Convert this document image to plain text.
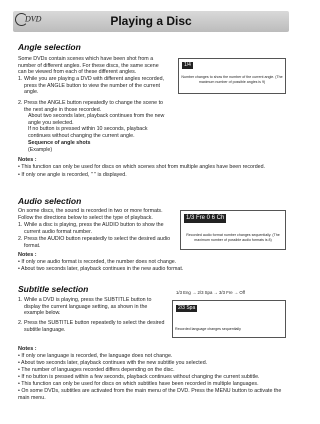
DVD	Playing a Disc
Angle selection
Some DVDs contain scenes which have been shot from a number of different angles. For these discs, the same scene can be viewed from each of these different angles.
1. While you are playing a DVD with different angles recorded, press the ANGLE button to view the number of the current angle.
2. Press the ANGLE button repeatedly to change the scene to the next angle in those recorded.
About two seconds later, playback continues from the new angle you selected.
If no button is pressed within 10 seconds, playback continues without changing the current angle.
Sequence of angle shots
(Example)
1/4
Number changes to show the number of the current angle. (The maximum number of possible angles is 9)
Notes :
• This function can only be used for discs on which scenes shot from multiple angles have been recorded.
• If only one angle is recorded, " " is displayed.
Audio selection
On some discs, the sound is recorded in two or more formats. Follow the directions below to select the type of playback.
1. While a disc is playing, press the AUDIO button to show the current audio format number.
2. Press the AUDIO button repeatedly to select the desired audio format.
1/3 Fre 0 6 Ch
Recorded audio format number changes sequentially. (The maximum number of possible audio formats is 8)
Notes :
• If only one audio format is recorded, the number does not change.
• About two seconds later, playback continues in the new audio format.
Subtitle selection
1. While a DVD is playing, press the SUBTITLE button to display the current language setting, as shown in the example below.
2. Press the SUBTITLE button repeatedly to select the desired subtitle language.
1/3 Eng → 2/3 Spa → 3/3 Fre → Off
2/3 Spa
Recorded language changes sequentially
Notes :
• If only one language is recorded, the language does not change.
• About two seconds later, playback continues with the new subtitle you selected.
• The number of languages recorded differs depending on the disc.
• If no button is pressed within a few seconds, playback continues without changing the current subtitle.
• This function can only be used for discs on which subtitles have been recorded in multiple languages.
• On some DVDs, subtitles are activated from the main menu of the DVD. Press the MENU button to activate the main menu.
